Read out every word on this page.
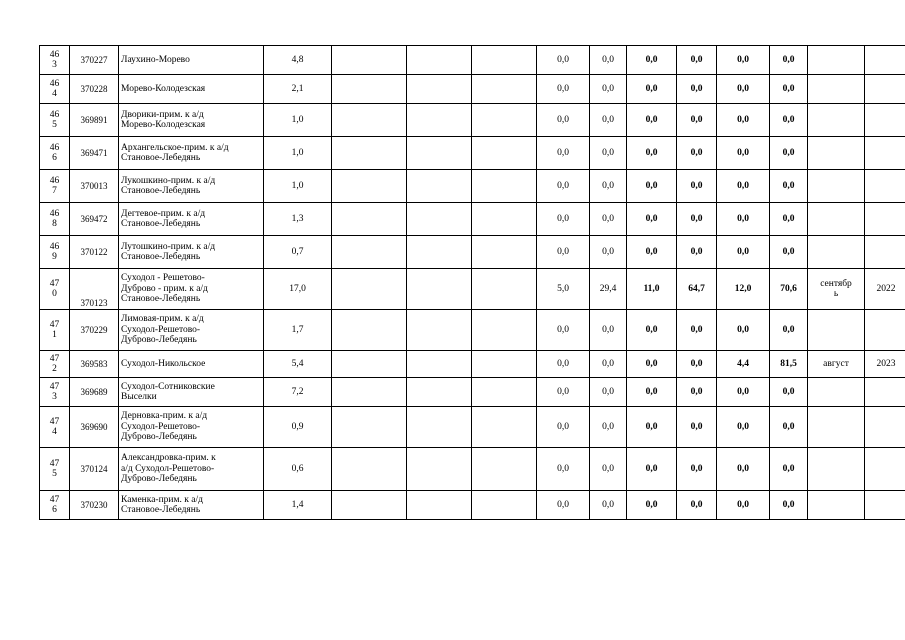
46
3	370227	Лаухино-Морево	4,8				0,0	0,0	0,0	0,0	0,0	0,0		
46
4	370228	Морево-Колодезская	2,1				0,0	0,0	0,0	0,0	0,0	0,0		
46
5	369891	Дворики-прим. к а/д
Морево-Колодезская	1,0				0,0	0,0	0,0	0,0	0,0	0,0		
46
6	369471	Архангельское-прим. к а/д
Становое-Лебедянь	1,0				0,0	0,0	0,0	0,0	0,0	0,0		
46
7	370013	Лукошкино-прим. к а/д
Становое-Лебедянь	1,0				0,0	0,0	0,0	0,0	0,0	0,0		
46
8	369472	Дегтевое-прим. к а/д
Становое-Лебедянь	1,3				0,0	0,0	0,0	0,0	0,0	0,0		
46
9	370122	Лутошкино-прим. к а/д
Становое-Лебедянь	0,7				0,0	0,0	0,0	0,0	0,0	0,0		
47
0	370123	Суходол - Решетово-
Дуброво - прим. к а/д
Становое-Лебедянь	17,0				5,0	29,4	11,0	64,7	12,0	70,6	сентябр
ь	2022
47
1	370229	Лимовая-прим. к а/д
Суходол-Решетово-
Дуброво-Лебедянь	1,7				0,0	0,0	0,0	0,0	0,0	0,0		
47
2	369583	Суходол-Никольское	5,4				0,0	0,0	0,0	0,0	4,4	81,5	август	2023
47
3	369689	Суходол-Сотниковские
Выселки	7,2				0,0	0,0	0,0	0,0	0,0	0,0		
47
4	369690	Дерновка-прим. к а/д
Суходол-Решетово-
Дуброво-Лебедянь	0,9				0,0	0,0	0,0	0,0	0,0	0,0		
47
5	370124	Александровка-прим. к
а/д Суходол-Решетово-
Дуброво-Лебедянь	0,6				0,0	0,0	0,0	0,0	0,0	0,0		
47
6	370230	Каменка-прим. к а/д
Становое-Лебедянь	1,4				0,0	0,0	0,0	0,0	0,0	0,0		
